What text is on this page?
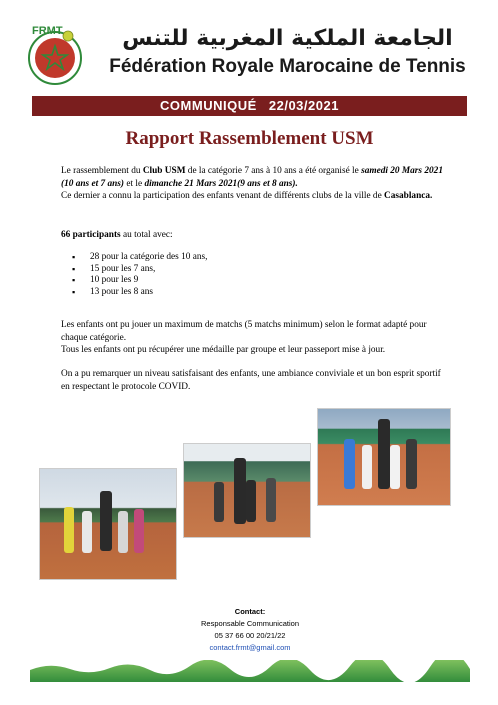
FRMT	الجامعة الملكية المغربية للتنس
Fédération Royale Marocaine de Tennis
COMMUNIQUÉ 22/03/2021
Rapport Rassemblement USM
Le rassemblement du Club USM de la catégorie 7 ans à 10 ans a été organisé le samedi 20 Mars 2021 (10 ans et 7 ans) et le dimanche 21 Mars 2021(9 ans et 8 ans).
Ce dernier a connu la participation des enfants venant de différents clubs de la ville de Casablanca.
66 participants au total avec:
▪ 28 pour la catégorie des 10 ans,
▪ 15 pour les 7 ans,
▪ 10 pour les 9
▪ 13 pour les 8 ans
Les enfants ont pu jouer un maximum de matchs (5 matchs minimum) selon le format adapté pour chaque catégorie.
Tous les enfants ont pu récupérer une médaille par groupe et leur passeport mise à jour.
On a pu remarquer un niveau satisfaisant des enfants, une ambiance conviviale et un bon esprit sportif en respectant le protocole COVID.
Contact:
Responsable Communication
05 37 66 00 20/21/22
contact.frmt@gmail.com
